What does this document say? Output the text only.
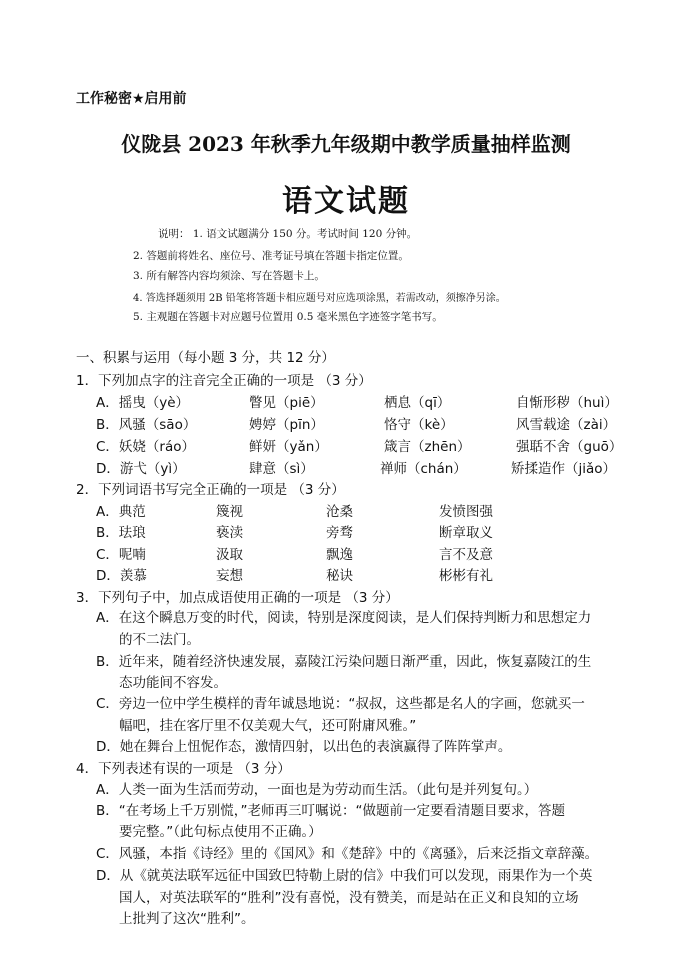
工作秘密★启用前
仪陇县 2023 年秋季九年级期中教学质量抽样监测
语文试题
说明： 1. 语文试题满分 150 分。考试时间 120 分钟。
2. 答题前将姓名、座位号、准考证号填在答题卡指定位置。
3. 所有解答内容均须涂、写在答题卡上。
4. 答选择题须用 2B 铅笔将答题卡相应题号对应选项涂黑，若需改动，须擦净另涂。
5. 主观题在答题卡对应题号位置用 0.5 毫米黑色字迹签字笔书写。
一、积累与运用（每小题 3 分，共 12 分）
1．下列加点字的注音完全正确的一项是 （3 分）
A．摇曳（yè）	瞥见（piē）	栖息（qī）	自惭形秽（huì）
B．风骚（sāo）	娉婷（pīn）	恪守（kè）	风雪载途（zài）
C．妖娆（ráo）	鲜妍（yǎn）	箴言（zhēn）	强聒不舍（guō）
D．游弋（yì）	肆意（sì）	禅师（chán）	矫揉造作（jiǎo）
2．下列词语书写完全正确的一项是 （3 分）
A．典范	篾视	沧桑	发愤图强
B．珐琅	亵渎	旁骛	断章取义
C．呢喃	汲取	飘逸	言不及意
D．羡慕	妄想	秘诀	彬彬有礼
3．下列句子中，加点成语使用正确的一项是 （3 分）
A．在这个瞬息万变的时代，阅读，特别是深度阅读，是人们保持判断力和思想定力
的不二法门。
B．近年来，随着经济快速发展，嘉陵江污染问题日渐严重，因此，恢复嘉陵江的生
态功能间不容发。
C．旁边一位中学生模样的青年诚恳地说：“叔叔，这些都是名人的字画，您就买一
幅吧，挂在客厅里不仅美观大气，还可附庸风雅。”
D．她在舞台上忸怩作态，激情四射，以出色的表演赢得了阵阵掌声。
4．下列表述有误的一项是 （3 分）
A．人类一面为生活而劳动，一面也是为劳动而生活。（此句是并列复句。）
B．“在考场上千万别慌，”老师再三叮嘱说：“做题前一定要看清题目要求，答题
要完整。”（此句标点使用不正确。）
C．风骚，本指《诗经》里的《国风》和《楚辞》中的《离骚》，后来泛指文章辞藻。
D．从《就英法联军远征中国致巴特勒上尉的信》中我们可以发现，雨果作为一个英
国人，对英法联军的“胜利”没有喜悦，没有赞美，而是站在正义和良知的立场
上批判了这次“胜利”。
